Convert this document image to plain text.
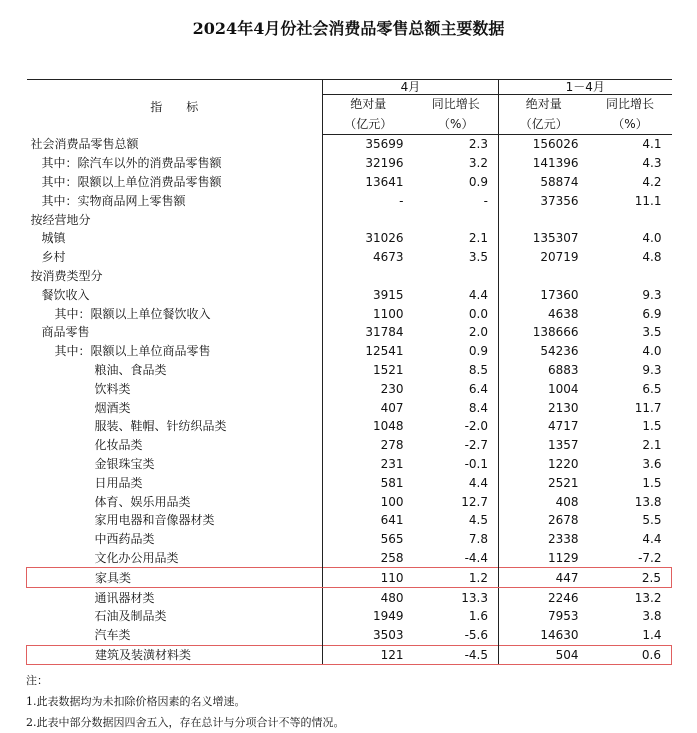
2024年4月份社会消费品零售总额主要数据
指　　标	4月		1－4月	
	绝对量	同比增长	绝对量	同比增长
	（亿元）	（%）	（亿元）	（%）
社会消费品零售总额	35699	2.3	156026	4.1
其中：除汽车以外的消费品零售额	32196	3.2	141396	4.3
其中：限额以上单位消费品零售额	13641	0.9	58874	4.2
其中：实物商品网上零售额	-	-	37356	11.1
按经营地分				
城镇	31026	2.1	135307	4.0
乡村	4673	3.5	20719	4.8
按消费类型分				
餐饮收入	3915	4.4	17360	9.3
其中：限额以上单位餐饮收入	1100	0.0	4638	6.9
商品零售	31784	2.0	138666	3.5
其中：限额以上单位商品零售	12541	0.9	54236	4.0
粮油、食品类	1521	8.5	6883	9.3
饮料类	230	6.4	1004	6.5
烟酒类	407	8.4	2130	11.7
服装、鞋帽、针纺织品类	1048	-2.0	4717	1.5
化妆品类	278	-2.7	1357	2.1
金银珠宝类	231	-0.1	1220	3.6
日用品类	581	4.4	2521	1.5
体育、娱乐用品类	100	12.7	408	13.8
家用电器和音像器材类	641	4.5	2678	5.5
中西药品类	565	7.8	2338	4.4
文化办公用品类	258	-4.4	1129	-7.2
家具类	110	1.2	447	2.5
通讯器材类	480	13.3	2246	13.2
石油及制品类	1949	1.6	7953	3.8
汽车类	3503	-5.6	14630	1.4
建筑及装潢材料类	121	-4.5	504	0.6
注：
1.此表数据均为未扣除价格因素的名义增速。
2.此表中部分数据因四舍五入，存在总计与分项合计不等的情况。
